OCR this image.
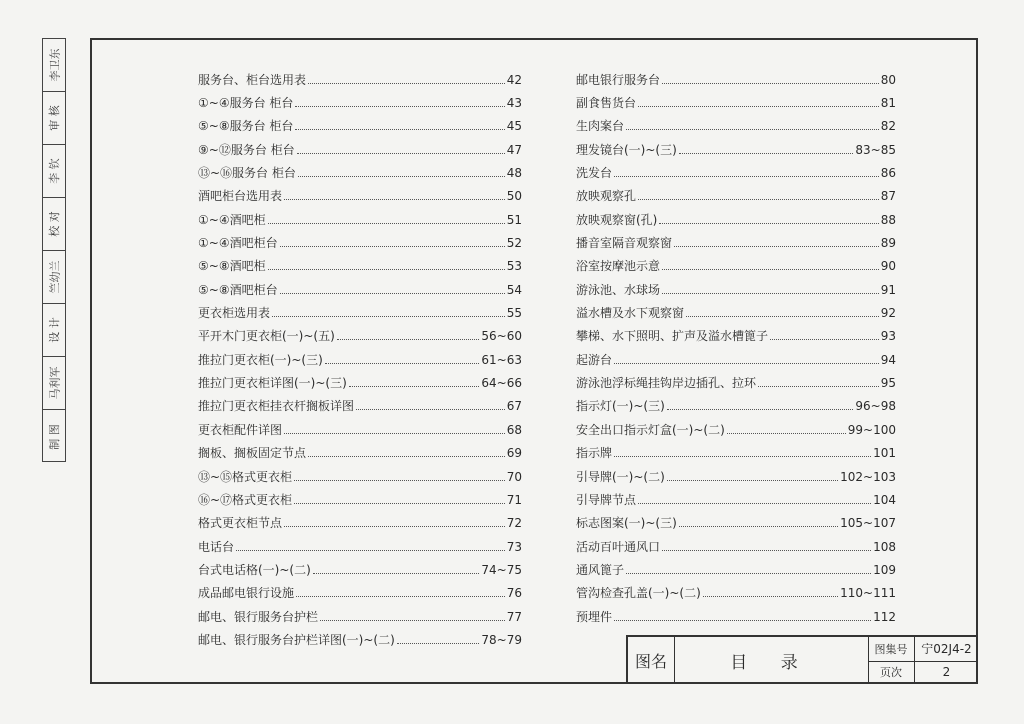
李卫东
审 核
李 钦
校 对
竺幼兰
设 计
马利军
制 图
服务台、柜台选用表	42
①~④服务台 柜台	43
⑤~⑧服务台 柜台	45
⑨~⑫服务台 柜台	47
⑬~⑯服务台 柜台	48
酒吧柜台选用表	50
①~④酒吧柜	51
①~④酒吧柜台	52
⑤~⑧酒吧柜	53
⑤~⑧酒吧柜台	54
更衣柜选用表	55
平开木门更衣柜(一)~(五)	56~60
推拉门更衣柜(一)~(三)	61~63
推拉门更衣柜详图(一)~(三)	64~66
推拉门更衣柜挂衣杆搁板详图	67
更衣柜配件详图	68
搁板、搁板固定节点	69
⑬~⑮格式更衣柜	70
⑯~⑰格式更衣柜	71
格式更衣柜节点	72
电话台	73
台式电话格(一)~(二)	74~75
成品邮电银行设施	76
邮电、银行服务台护栏	77
邮电、银行服务台护栏详图(一)~(二)	78~79
邮电银行服务台	80
副食售货台	81
生肉案台	82
理发镜台(一)~(三)	83~85
洗发台	86
放映观察孔	87
放映观察窗(孔)	88
播音室隔音观察窗	89
浴室按摩池示意	90
游泳池、水球场	91
溢水槽及水下观察窗	92
攀梯、水下照明、扩声及溢水槽篦子	93
起游台	94
游泳池浮标绳挂钩岸边插孔、拉环	95
指示灯(一)~(三)	96~98
安全出口指示灯盒(一)~(二)	99~100
指示牌	101
引导牌(一)~(二)	102~103
引导牌节点	104
标志图案(一)~(三)	105~107
活动百叶通风口	108
通风篦子	109
管沟检查孔盖(一)~(二)	110~111
预埋件	112
图名	目 录
图集号	宁02J4-2
页次	2
